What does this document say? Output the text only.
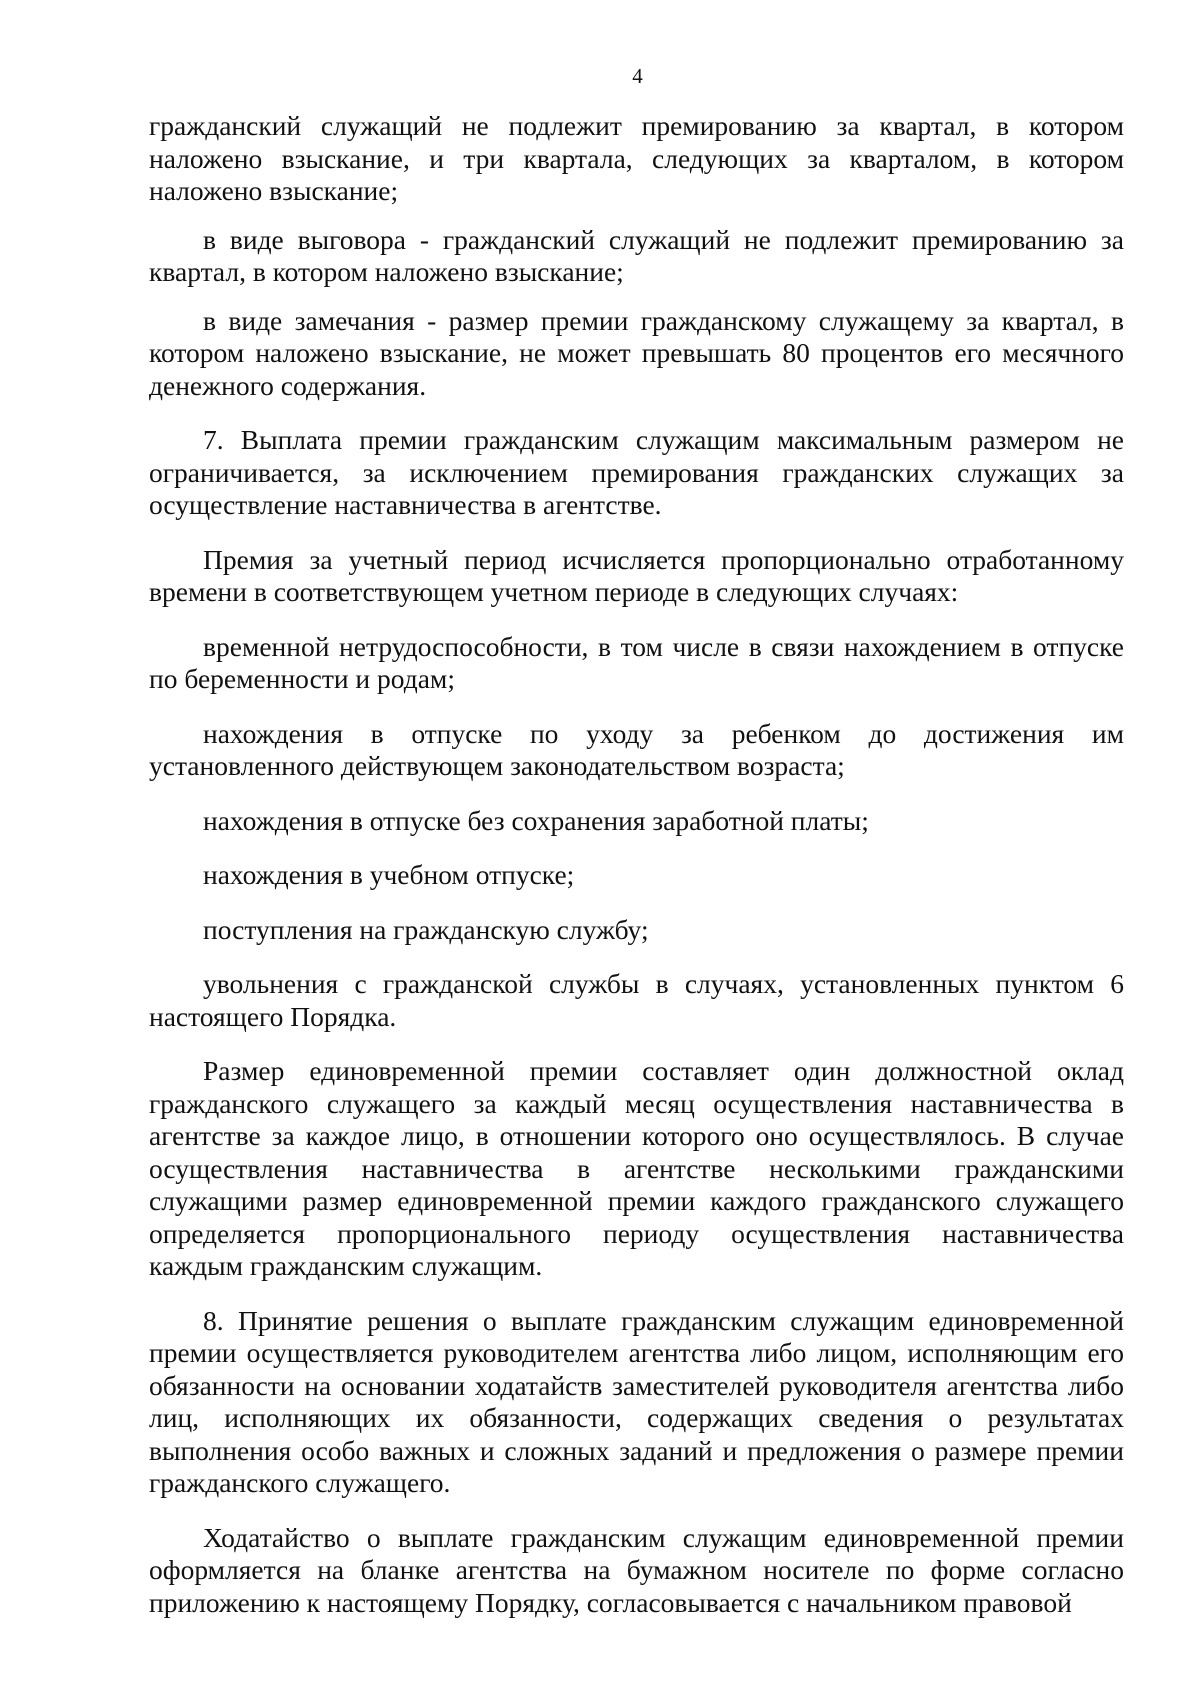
4

гражданский служащий не подлежит премированию за квартал, в котором наложено взыскание, и три квартала, следующих за кварталом, в котором наложено взыскание;

в виде выговора - гражданский служащий не подлежит премированию за квартал, в котором наложено взыскание;

в виде замечания - размер премии гражданскому служащему за квартал, в котором наложено взыскание, не может превышать 80 процентов его месячного денежного содержания.

7. Выплата премии гражданским служащим максимальным размером не ограничивается, за исключением премирования гражданских служащих за осуществление наставничества в агентстве.

Премия за учетный период исчисляется пропорционально отработанному времени в соответствующем учетном периоде в следующих случаях:

временной нетрудоспособности, в том числе в связи нахождением в отпуске по беременности и родам;

нахождения в отпуске по уходу за ребенком до достижения им установленного действующем законодательством возраста;

нахождения в отпуске без сохранения заработной платы;

нахождения в учебном отпуске;

поступления на гражданскую службу;

увольнения с гражданской службы в случаях, установленных пунктом 6 настоящего Порядка.

Размер единовременной премии составляет один должностной оклад гражданского служащего за каждый месяц осуществления наставничества в агентстве за каждое лицо, в отношении которого оно осуществлялось. В случае осуществления наставничества в агентстве несколькими гражданскими служащими размер единовременной премии каждого гражданского служащего определяется пропорционального периоду осуществления наставничества каждым гражданским служащим.

8. Принятие решения о выплате гражданским служащим единовременной премии осуществляется руководителем агентства либо лицом, исполняющим его обязанности на основании ходатайств заместителей руководителя агентства либо лиц, исполняющих их обязанности, содержащих сведения о результатах выполнения особо важных и сложных заданий и предложения о размере премии гражданского служащего.

Ходатайство о выплате гражданским служащим единовременной премии оформляется на бланке агентства на бумажном носителе по форме согласно приложению к настоящему Порядку, согласовывается с начальником правовой
